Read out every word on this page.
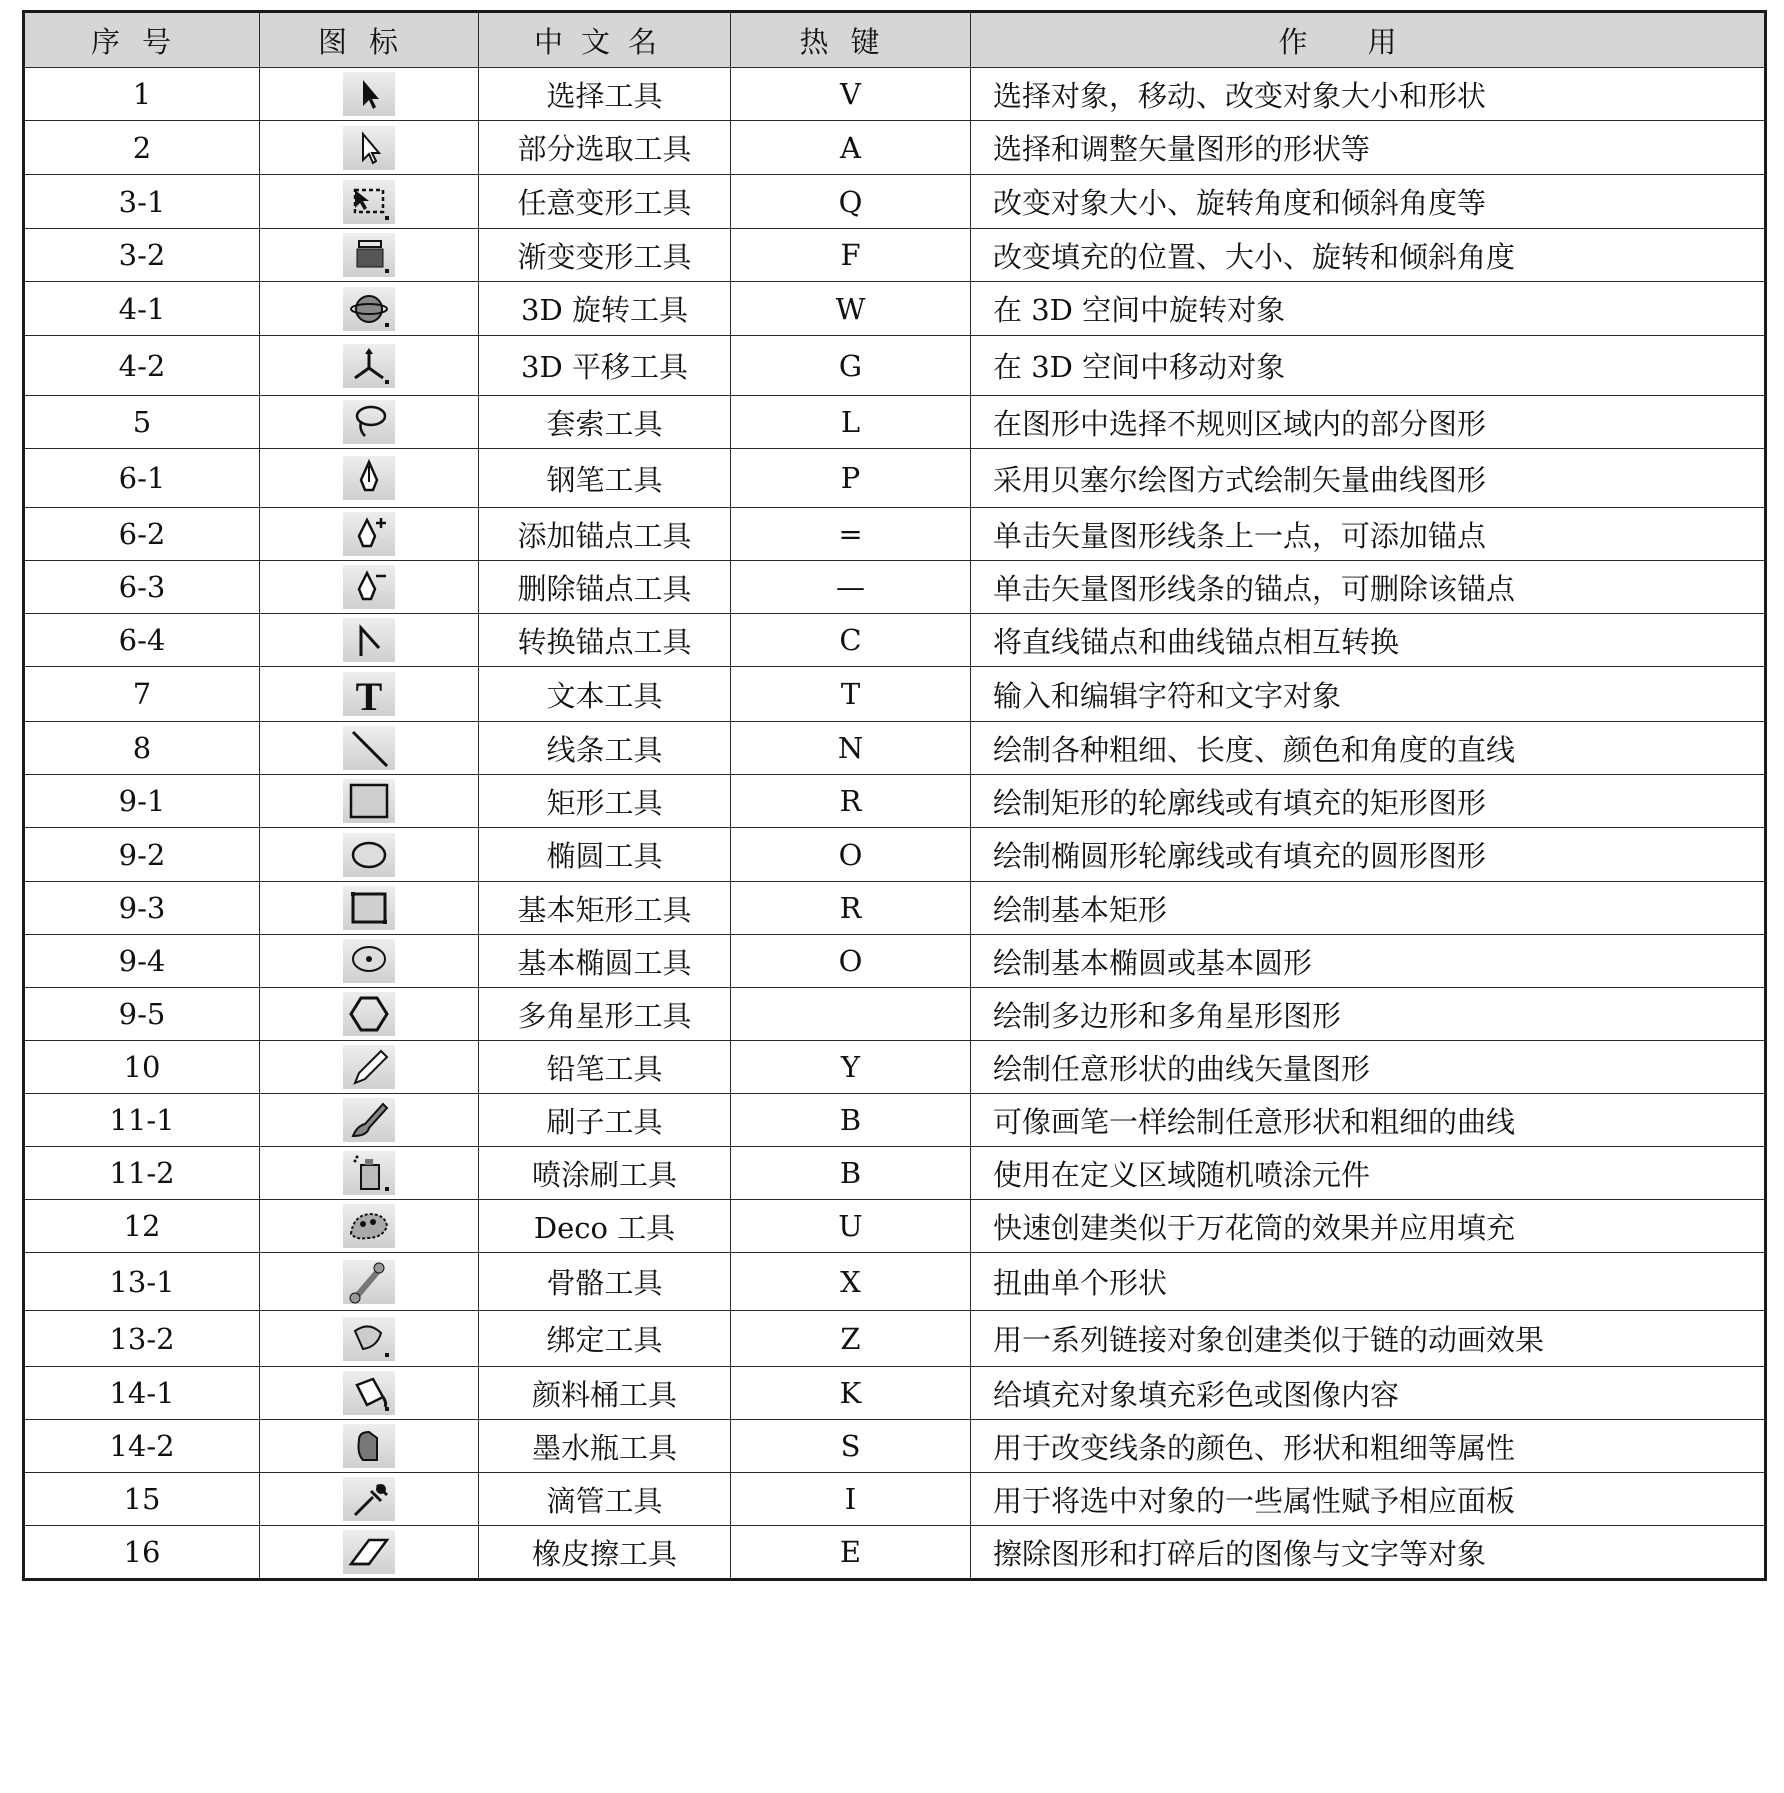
序号	图标	中文名	热键	作用
1		选择工具	V	选择对象，移动、改变对象大小和形状
2		部分选取工具	A	选择和调整矢量图形的形状等
3-1		任意变形工具	Q	改变对象大小、旋转角度和倾斜角度等
3-2		渐变变形工具	F	改变填充的位置、大小、旋转和倾斜角度
4-1		3D 旋转工具	W	在 3D 空间中旋转对象
4-2		3D 平移工具	G	在 3D 空间中移动对象
5		套索工具	L	在图形中选择不规则区域内的部分图形
6-1		钢笔工具	P	采用贝塞尔绘图方式绘制矢量曲线图形
6-2		添加锚点工具	=	单击矢量图形线条上一点，可添加锚点
6-3		删除锚点工具	—	单击矢量图形线条的锚点，可删除该锚点
6-4		转换锚点工具	C	将直线锚点和曲线锚点相互转换
7	T	文本工具	T	输入和编辑字符和文字对象
8		线条工具	N	绘制各种粗细、长度、颜色和角度的直线
9-1		矩形工具	R	绘制矩形的轮廓线或有填充的矩形图形
9-2		椭圆工具	O	绘制椭圆形轮廓线或有填充的圆形图形
9-3		基本矩形工具	R	绘制基本矩形
9-4		基本椭圆工具	O	绘制基本椭圆或基本圆形
9-5		多角星形工具		绘制多边形和多角星形图形
10		铅笔工具	Y	绘制任意形状的曲线矢量图形
11-1		刷子工具	B	可像画笔一样绘制任意形状和粗细的曲线
11-2		喷涂刷工具	B	使用在定义区域随机喷涂元件
12		Deco 工具	U	快速创建类似于万花筒的效果并应用填充
13-1		骨骼工具	X	扭曲单个形状
13-2		绑定工具	Z	用一系列链接对象创建类似于链的动画效果
14-1		颜料桶工具	K	给填充对象填充彩色或图像内容
14-2		墨水瓶工具	S	用于改变线条的颜色、形状和粗细等属性
15		滴管工具	I	用于将选中对象的一些属性赋予相应面板
16		橡皮擦工具	E	擦除图形和打碎后的图像与文字等对象
